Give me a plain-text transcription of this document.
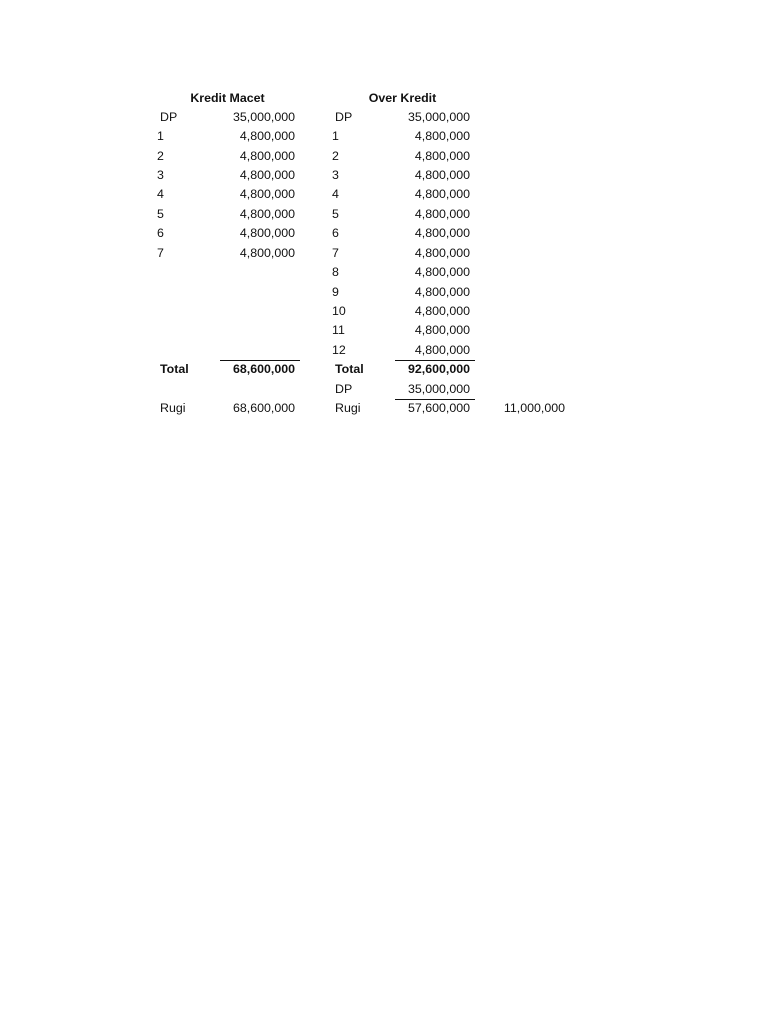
Kredit Macet
DP	35,000,000
1	4,800,000
2	4,800,000
3	4,800,000
4	4,800,000
5	4,800,000
6	4,800,000
7	4,800,000
Total	68,600,000
Rugi	68,600,000
Over Kredit
DP	35,000,000
1	4,800,000
2	4,800,000
3	4,800,000
4	4,800,000
5	4,800,000
6	4,800,000
7	4,800,000
8	4,800,000
9	4,800,000
10	4,800,000
11	4,800,000
12	4,800,000
Total	92,600,000
DP	35,000,000
Rugi	57,600,000	11,000,000
